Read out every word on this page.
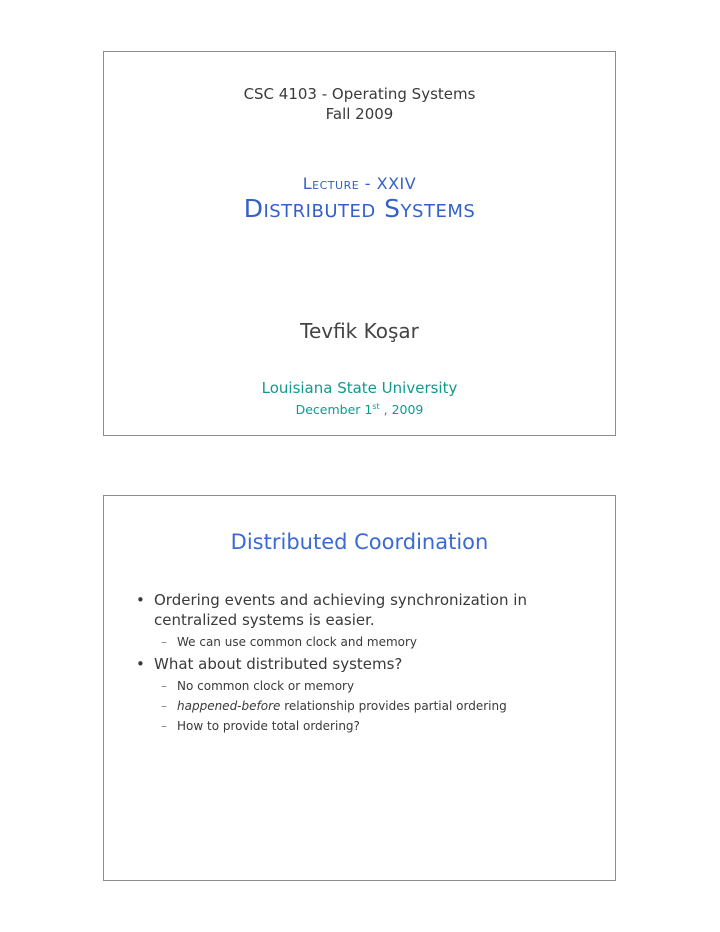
CSC 4103 - Operating Systems
Fall 2009
Lecture - XXIV
Distributed Systems
Tevfik Koşar
Louisiana State University
December 1st , 2009
Distributed Coordination
• Ordering events and achieving synchronization in
centralized systems is easier.
– We can use common clock and memory
• What about distributed systems?
– No common clock or memory
– happened-before relationship provides partial ordering
– How to provide total ordering?
